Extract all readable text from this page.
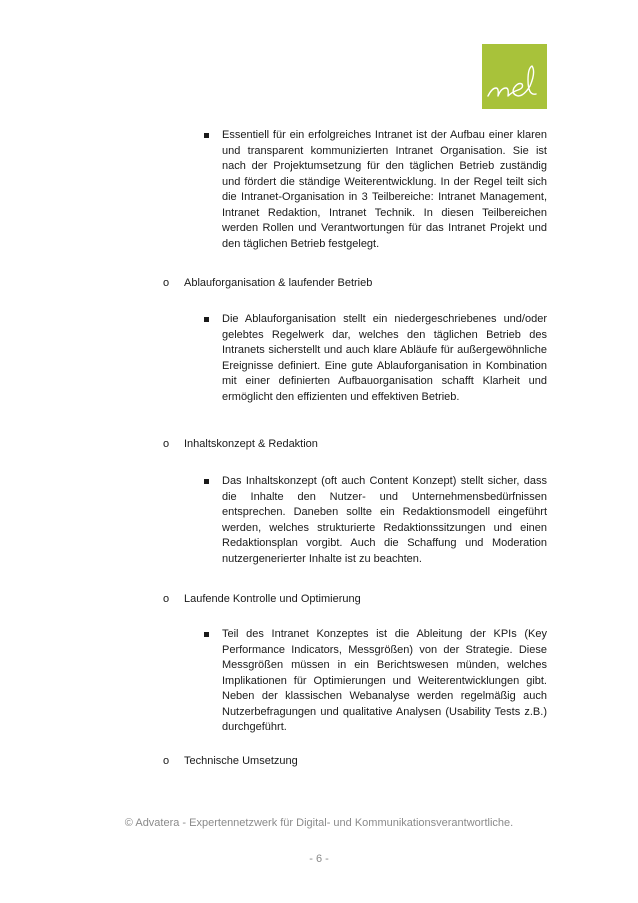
Essentiell für ein erfolgreiches Intranet ist der Aufbau einer klaren und transparent kommunizierten Intranet Organisation. Sie ist nach der Projektumsetzung für den täglichen Betrieb zuständig und fördert die ständige Weiterentwicklung. In der Regel teilt sich die Intranet-Organisation in 3 Teilbereiche: Intranet Management, Intranet Redaktion, Intranet Technik. In diesen Teilbereichen werden Rollen und Verantwortungen für das Intranet Projekt und den täglichen Betrieb festgelegt.
o Ablauforganisation & laufender Betrieb
Die Ablauforganisation stellt ein niedergeschriebenes und/oder gelebtes Regelwerk dar, welches den täglichen Betrieb des Intranets sicherstellt und auch klare Abläufe für außergewöhnliche Ereignisse definiert. Eine gute Ablauforganisation in Kombination mit einer definierten Aufbauorganisation schafft Klarheit und ermöglicht den effizienten und effektiven Betrieb.
o Inhaltskonzept & Redaktion
Das Inhaltskonzept (oft auch Content Konzept) stellt sicher, dass die Inhalte den Nutzer- und Unternehmensbedürfnissen entsprechen. Daneben sollte ein Redaktionsmodell eingeführt werden, welches strukturierte Redaktionssitzungen und einen Redaktionsplan vorgibt. Auch die Schaffung und Moderation nutzergenerierter Inhalte ist zu beachten.
o Laufende Kontrolle und Optimierung
Teil des Intranet Konzeptes ist die Ableitung der KPIs (Key Performance Indicators, Messgrößen) von der Strategie. Diese Messgrößen müssen in ein Berichtswesen münden, welches Implikationen für Optimierungen und Weiterentwicklungen gibt. Neben der klassischen Webanalyse werden regelmäßig auch Nutzerbefragungen und qualitative Analysen (Usability Tests z.B.) durchgeführt.
o Technische Umsetzung
© Advatera - Expertennetzwerk für Digital- und Kommunikationsverantwortliche.
- 6 -
